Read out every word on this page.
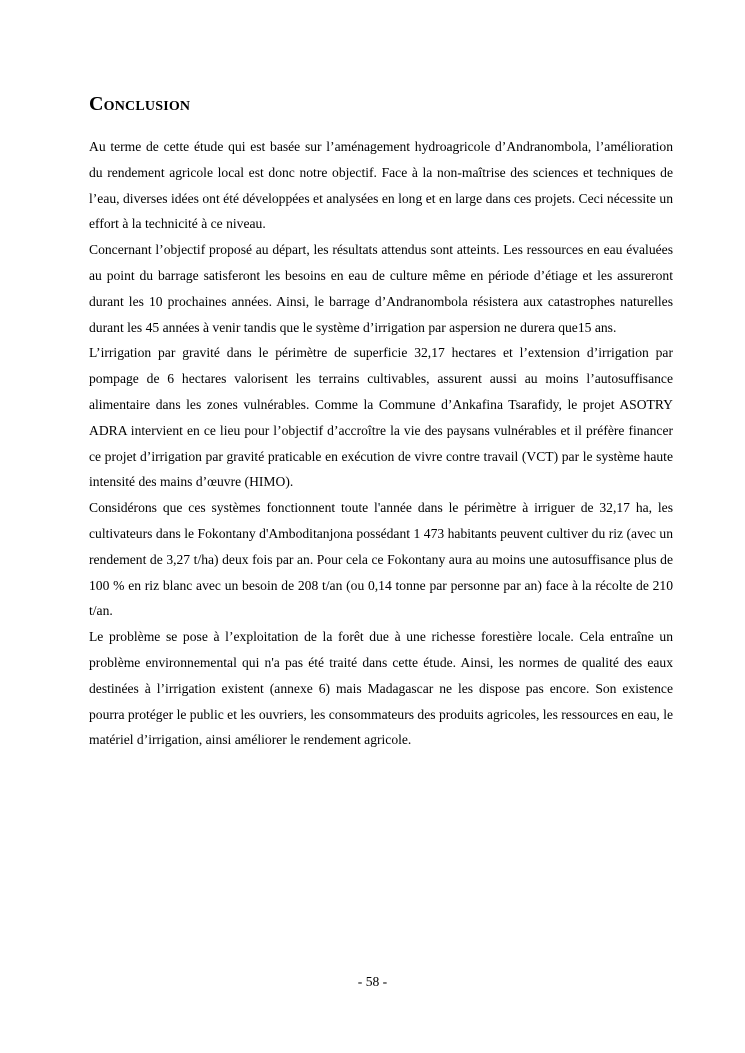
Conclusion

Au terme de cette étude qui est basée sur l’aménagement hydroagricole d’Andranombola, l’amélioration du rendement agricole local est donc notre objectif. Face à la non-maîtrise des sciences et techniques de l’eau, diverses idées ont été développées et analysées en long et en large dans ces projets. Ceci nécessite un effort à la technicité à ce niveau.

Concernant l’objectif proposé au départ, les résultats attendus sont atteints. Les ressources en eau évaluées au point du barrage satisferont les besoins en eau de culture même en période d’étiage et les assureront durant les 10 prochaines années. Ainsi, le barrage d’Andranombola résistera aux catastrophes naturelles durant les 45 années à venir tandis que le système d’irrigation par aspersion ne durera que15 ans.

L’irrigation par gravité dans le périmètre de superficie 32,17 hectares et l’extension d’irrigation par pompage de 6 hectares valorisent les terrains cultivables, assurent aussi au moins l’autosuffisance alimentaire dans les zones vulnérables. Comme la Commune d’Ankafina Tsarafidy, le projet ASOTRY ADRA intervient en ce lieu pour l’objectif d’accroître la vie des paysans vulnérables et il préfère financer ce projet d’irrigation par gravité praticable en exécution de vivre contre travail (VCT) par le système haute intensité des mains d’œuvre (HIMO).

Considérons que ces systèmes fonctionnent toute l'année dans le périmètre à irriguer de 32,17 ha, les cultivateurs dans le Fokontany d'Amboditanjona possédant 1 473 habitants peuvent cultiver du riz (avec un rendement de 3,27 t/ha) deux fois par an. Pour cela ce Fokontany aura au moins une autosuffisance plus de 100 % en riz blanc avec un besoin de 208 t/an (ou 0,14 tonne par personne par an) face à la récolte de 210 t/an.

Le problème se pose à l’exploitation de la forêt due à une richesse forestière locale. Cela entraîne un problème environnemental qui n'a pas été traité dans cette étude. Ainsi, les normes de qualité des eaux destinées à l’irrigation existent (annexe 6) mais Madagascar ne les dispose pas encore. Son existence pourra protéger le public et les ouvriers, les consommateurs des produits agricoles, les ressources en eau, le matériel d’irrigation, ainsi améliorer le rendement agricole.

- 58 -
